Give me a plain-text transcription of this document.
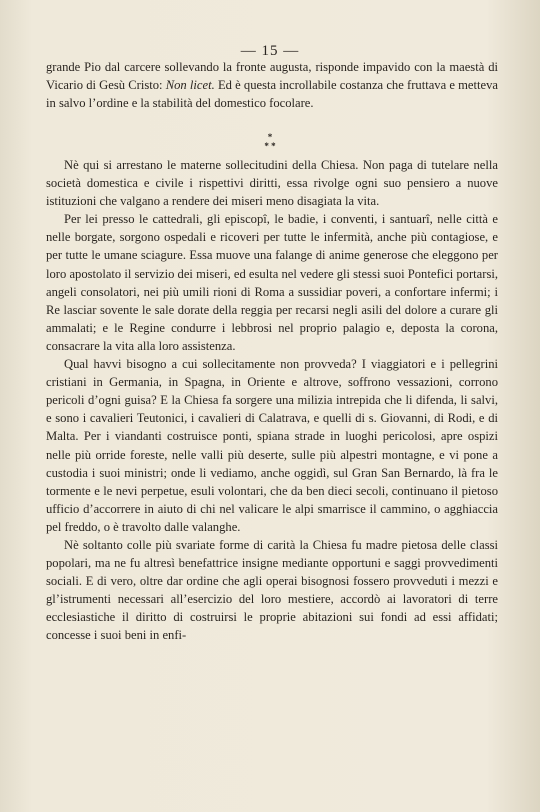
— 15 —

grande Pio dal carcere sollevando la fronte augusta, risponde impavido con la maestà di Vicario di Gesù Cristo: Non licet. Ed è questa incrollabile costanza che fruttava e metteva in salvo l’ordine e la stabilità del domestico focolare.

*
* *

Nè qui si arrestano le materne sollecitudini della Chiesa. Non paga di tutelare nella società domestica e civile i rispettivi diritti, essa rivolge ogni suo pensiero a nuove istituzioni che valgano a rendere dei miseri meno disagiata la vita.

Per lei presso le cattedrali, gli episcopî, le badie, i conventi, i santuarî, nelle città e nelle borgate, sorgono ospedali e ricoveri per tutte le infermità, anche più contagiose, e per tutte le umane sciagure. Essa muove una falange di anime generose che eleggono per loro apostolato il servizio dei miseri, ed esulta nel vedere gli stessi suoi Pontefici portarsi, angeli consolatori, nei più umili rioni di Roma a sussidiar poveri, a confortare infermi; i Re lasciar sovente le sale dorate della reggia per recarsi negli asili del dolore a curare gli ammalati; e le Regine condurre i lebbrosi nel proprio palagio e, deposta la corona, consacrare la vita alla loro assistenza.

Qual havvi bisogno a cui sollecitamente non provveda? I viaggiatori e i pellegrini cristiani in Germania, in Spagna, in Oriente e altrove, soffrono vessazioni, corrono pericoli d’ogni guisa? E la Chiesa fa sorgere una milizia intrepida che li difenda, li salvi, e sono i cavalieri Teutonici, i cavalieri di Calatrava, e quelli di s. Giovanni, di Rodi, e di Malta. Per i viandanti costruisce ponti, spiana strade in luoghi pericolosi, apre ospizi nelle più orride foreste, nelle valli più deserte, sulle più alpestri montagne, e vi pone a custodia i suoi ministri; onde li vediamo, anche oggidì, sul Gran San Bernardo, là fra le tormente e le nevi perpetue, esuli volontari, che da ben dieci secoli, continuano il pietoso ufficio d’accorrere in aiuto di chi nel valicare le alpi smarrisce il cammino, o agghiaccia pel freddo, o è travolto dalle valanghe.

Nè soltanto colle più svariate forme di carità la Chiesa fu madre pietosa delle classi popolari, ma ne fu altresì benefattrice insigne mediante opportuni e saggi provvedimenti sociali. E di vero, oltre dar ordine che agli operai bisognosi fossero provveduti i mezzi e gl’istrumenti necessari all’esercizio del loro mestiere, accordò ai lavoratori di terre ecclesiastiche il diritto di costruirsi le proprie abitazioni sui fondi ad essi affidati; concesse i suoi beni in enfi-
